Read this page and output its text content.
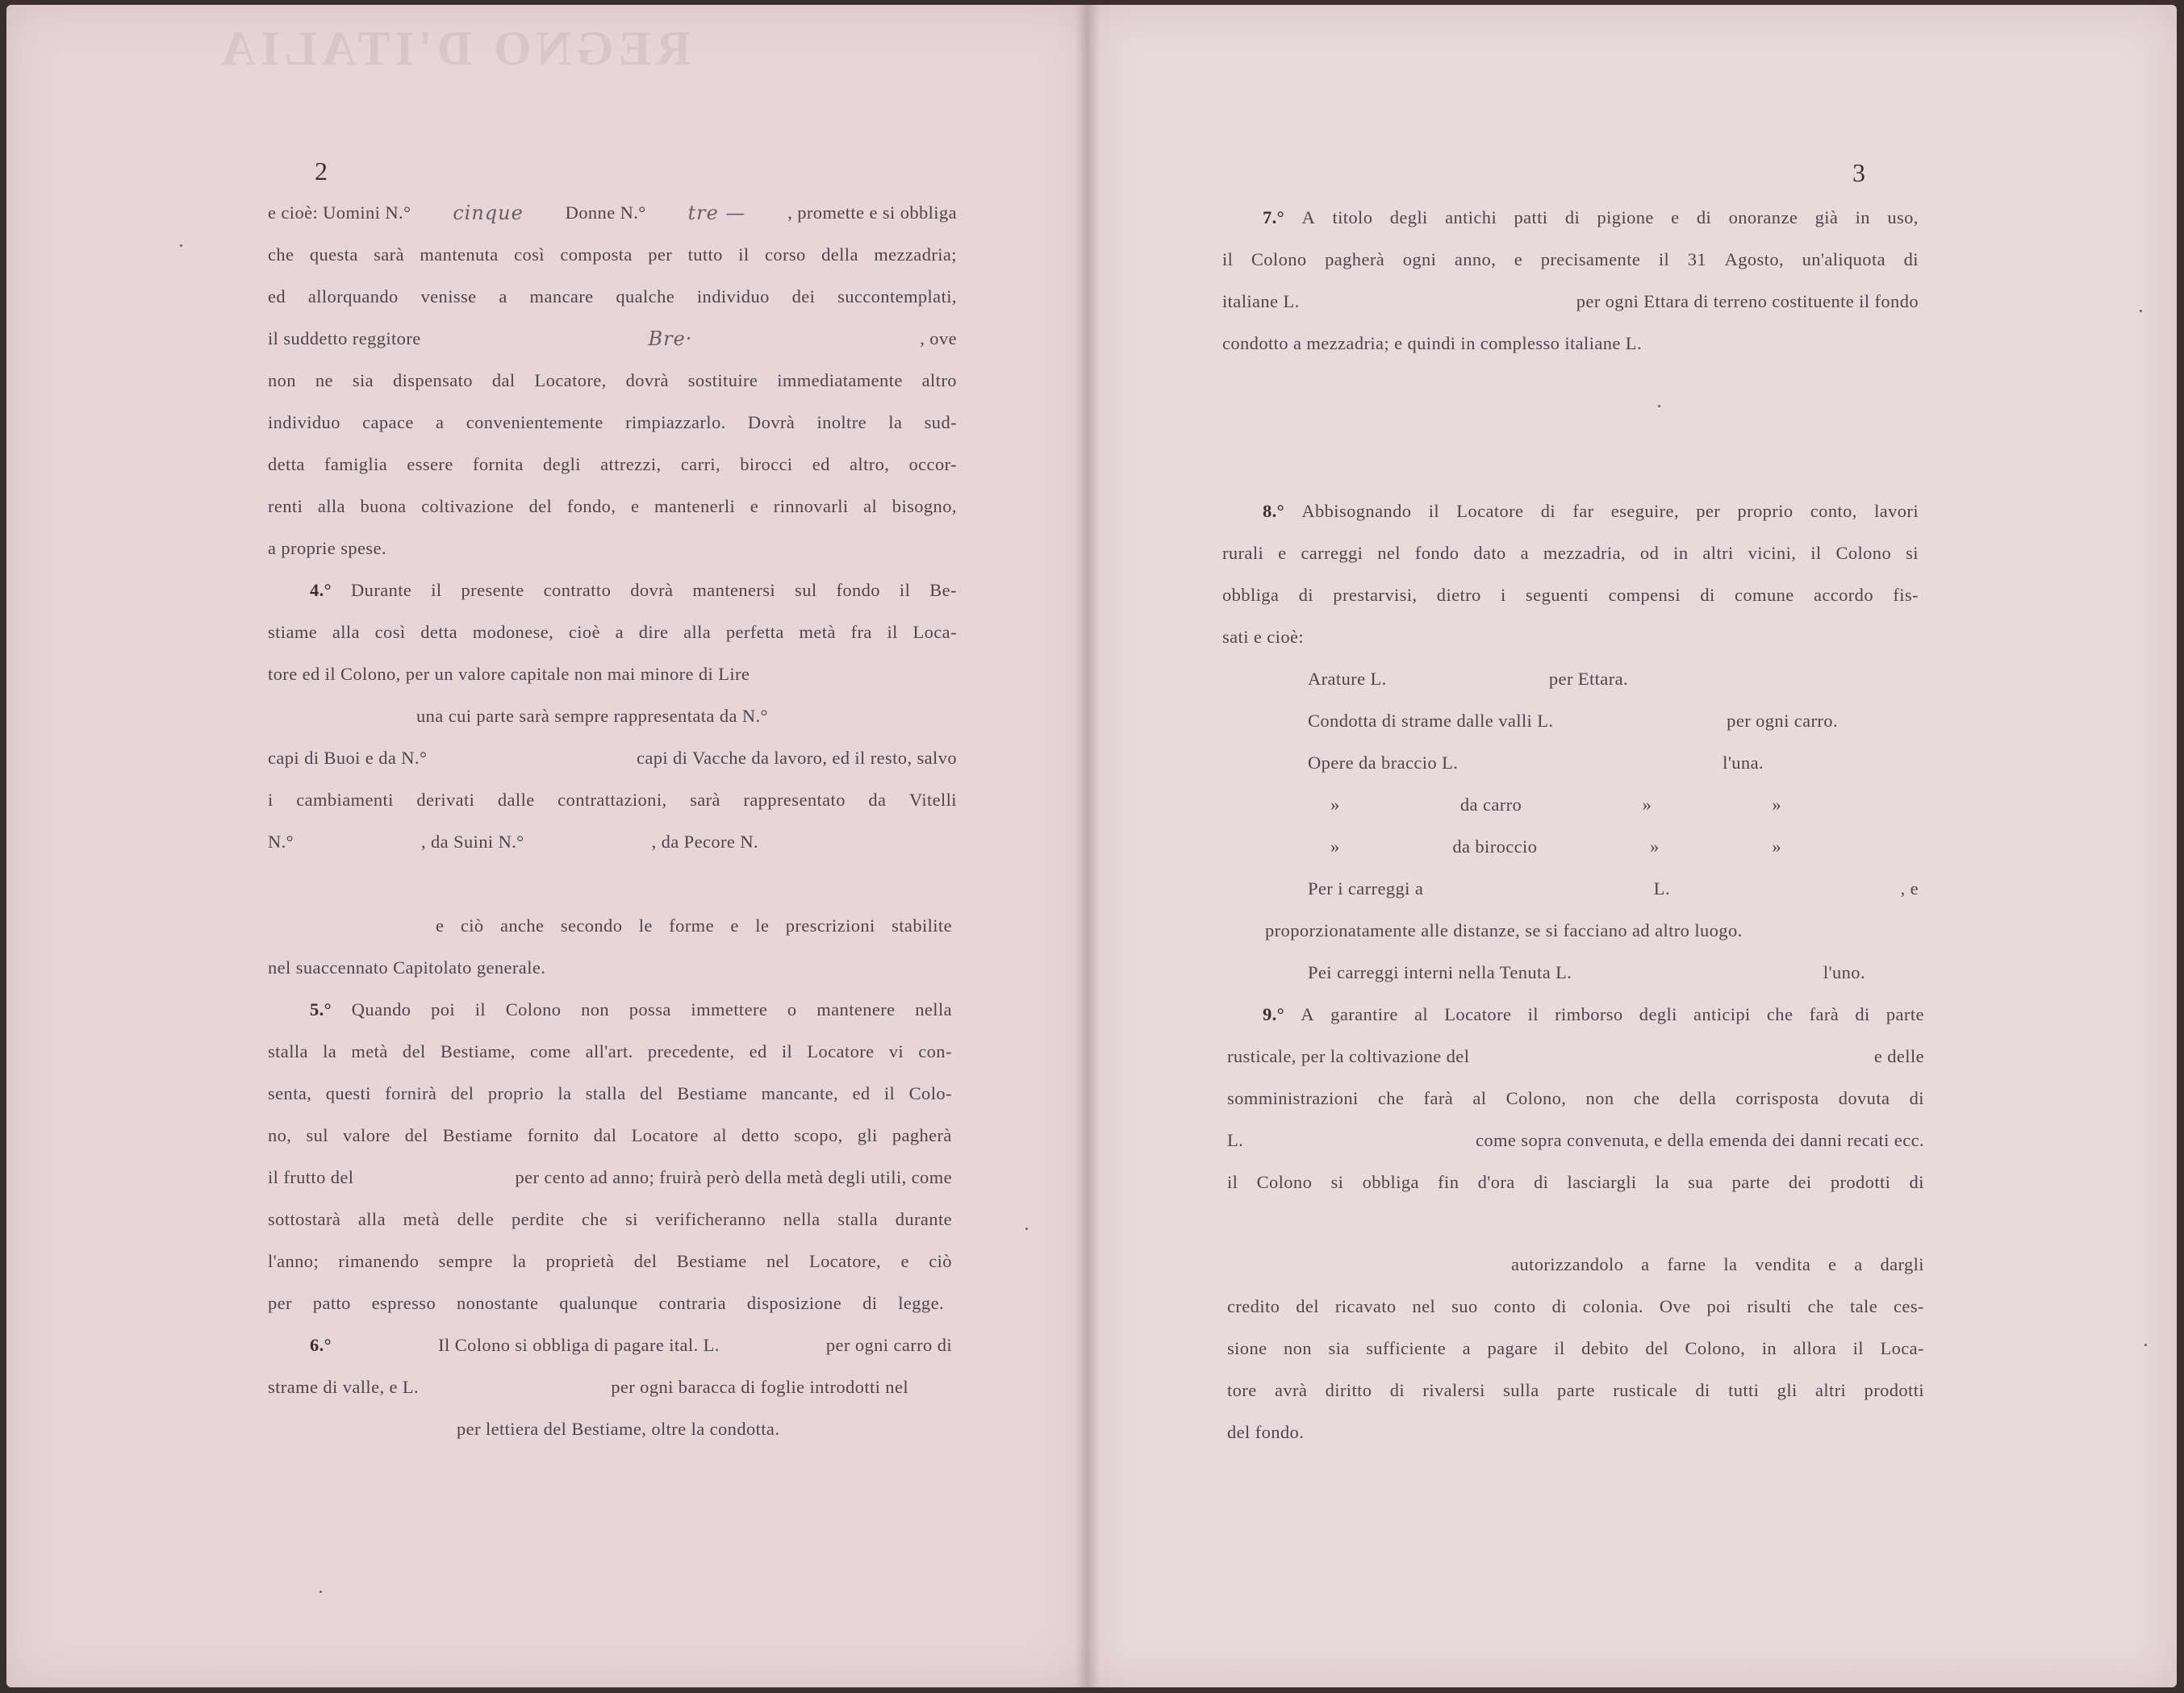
REGNO D'ITALIA
2
e cioè: Uomini N.° cinque Donne N.° tre — , promette e si obbliga
che questa sarà mantenuta così composta per tutto il corso della mezzadria;
ed allorquando venisse a mancare qualche individuo dei succontemplati,
il suddetto reggitore	Bre·	, ove
non ne sia dispensato dal Locatore, dovrà sostituire immediatamente altro
individuo capace a convenientemente rimpiazzarlo. Dovrà inoltre la sud-
detta famiglia essere fornita degli attrezzi, carri, birocci ed altro, occor-
renti alla buona coltivazione del fondo, e mantenerli e rinnovarli al bisogno,
a proprie spese.
4.° Durante il presente contratto dovrà mantenersi sul fondo il Be-
stiame alla così detta modonese, cioè a dire alla perfetta metà fra il Loca-
tore ed il Colono, per un valore capitale non mai minore di Lire
una cui parte sarà sempre rappresentata da N.°
capi di Buoi e da N.°	capi di Vacche da lavoro, ed il resto, salvo
i cambiamenti derivati dalle contrattazioni, sarà rappresentato da Vitelli
N.°	, da Suini N.°	, da Pecore N.
e ciò anche secondo le forme e le prescrizioni stabilite
nel suaccennato Capitolato generale.
5.° Quando poi il Colono non possa immettere o mantenere nella
stalla la metà del Bestiame, come all'art. precedente, ed il Locatore vi con-
senta, questi fornirà del proprio la stalla del Bestiame mancante, ed il Colo-
no, sul valore del Bestiame fornito dal Locatore al detto scopo, gli pagherà
il frutto del	per cento ad anno; fruirà però della metà degli utili, come
sottostarà alla metà delle perdite che si verificheranno nella stalla durante
l'anno; rimanendo sempre la proprietà del Bestiame nel Locatore, e ciò
per patto espresso nonostante qualunque contraria disposizione di legge.
6.°	Il Colono si obbliga di pagare ital. L.	per ogni carro di
strame di valle, e L.	per ogni baracca di foglie introdotti nel
per lettiera del Bestiame, oltre la condotta.
3
7.° A titolo degli antichi patti di pigione e di onoranze già in uso,
il Colono pagherà ogni anno, e precisamente il 31 Agosto, un'aliquota di
italiane L.	per ogni Ettara di terreno costituente il fondo
condotto a mezzadria; e quindi in complesso italiane L.
8.° Abbisognando il Locatore di far eseguire, per proprio conto, lavori
rurali e carreggi nel fondo dato a mezzadria, od in altri vicini, il Colono si
obbliga di prestarvisi, dietro i seguenti compensi di comune accordo fis-
sati e cioè:
Arature L.	per Ettara.
Condotta di strame dalle valli L.	per ogni carro.
Opere da braccio L.	l'una.
»	da carro	»	»
»	da biroccio	»	»
Per i carreggi a	L.	, e
proporzionatamente alle distanze, se si facciano ad altro luogo.
Pei carreggi interni nella Tenuta L.	l'uno.
9.° A garantire al Locatore il rimborso degli anticipi che farà di parte
rusticale, per la coltivazione del	e delle
somministrazioni che farà al Colono, non che della corrisposta dovuta di
L.	come sopra convenuta, e della emenda dei danni recati ecc.
il Colono si obbliga fin d'ora di lasciargli la sua parte dei prodotti di
autorizzandolo a farne la vendita e a dargli
credito del ricavato nel suo conto di colonia. Ove poi risulti che tale ces-
sione non sia sufficiente a pagare il debito del Colono, in allora il Loca-
tore avrà diritto di rivalersi sulla parte rusticale di tutti gli altri prodotti
del fondo.
